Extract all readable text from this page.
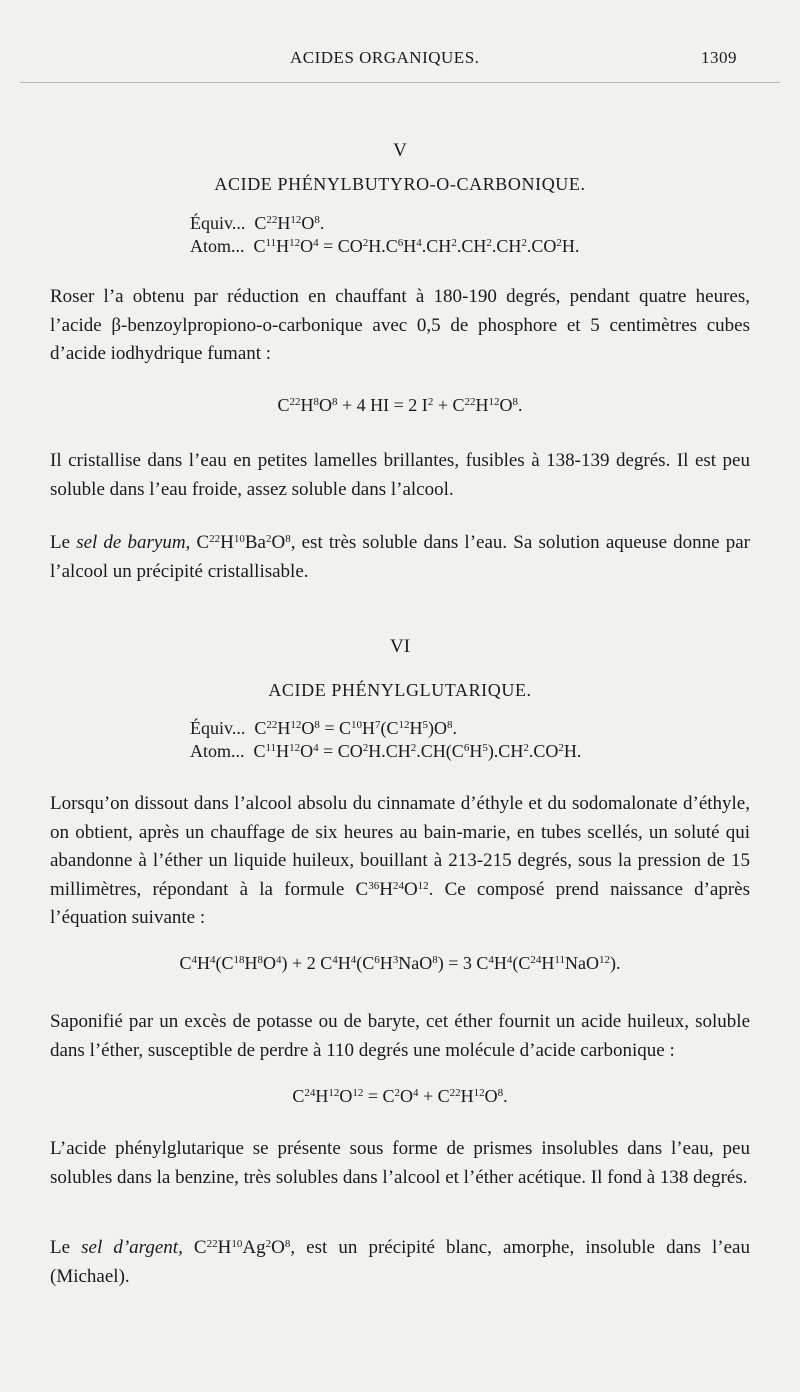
ACIDES ORGANIQUES.	1309
V
ACIDE PHÉNYLBUTYRO-O-CARBONIQUE.
Équiv...  $C^{22}H^{12}O^8$.
Atom...  $C^{11}H^{12}O^4 = CO^2H.C^6H^4.CH^2.CH^2.CH^2.CO^2H$.
Roser l’a obtenu par réduction en chauffant à 180-190 degrés, pendant quatre heures, l’acide β-benzoylpropiono-o-carbonique avec 0,5 de phosphore et 5 centimètres cubes d’acide iodhydrique fumant :
$C^{22}H^8O^8 + 4$ HI = 2 $I^2 + C^{22}H^{12}O^8$.
Il cristallise dans l’eau en petites lamelles brillantes, fusibles à 138-139 degrés. Il est peu soluble dans l’eau froide, assez soluble dans l’alcool.
Le sel de baryum, $C^{22}H^{10}Ba^2O^8$, est très soluble dans l’eau. Sa solution aqueuse donne par l’alcool un précipité cristallisable.
VI
ACIDE PHÉNYLGLUTARIQUE.
Équiv...  $C^{22}H^{12}O^8 = C^{10}H^7(C^{12}H^5)O^8$.
Atom...  $C^{11}H^{12}O^4 = CO^2H.CH^2.CH(C^6H^5).CH^2.CO^2H$.
Lorsqu’on dissout dans l’alcool absolu du cinnamate d’éthyle et du sodomalonate d’éthyle, on obtient, après un chauffage de six heures au bain-marie, en tubes scellés, un soluté qui abandonne à l’éther un liquide huileux, bouillant à 213-215 degrés, sous la pression de 15 millimètres, répondant à la formule $C^{36}H^{24}O^{12}$. Ce composé prend naissance d’après l’équation suivante :
$C^4H^4(C^{18}H^8O^4) + 2$ $C^4H^4(C^6H^3NaO^8) = 3$ $C^4H^4(C^{24}H^{11}NaO^{12})$.
Saponifié par un excès de potasse ou de baryte, cet éther fournit un acide huileux, soluble dans l’éther, susceptible de perdre à 110 degrés une molécule d’acide carbonique :
$C^{24}H^{12}O^{12} = C^2O^4 + C^{22}H^{12}O^8$.
L’acide phénylglutarique se présente sous forme de prismes insolubles dans l’eau, peu solubles dans la benzine, très solubles dans l’alcool et l’éther acétique. Il fond à 138 degrés.
Le sel d’argent, $C^{22}H^{10}Ag^2O^8$, est un précipité blanc, amorphe, insoluble dans l’eau (Michael).
